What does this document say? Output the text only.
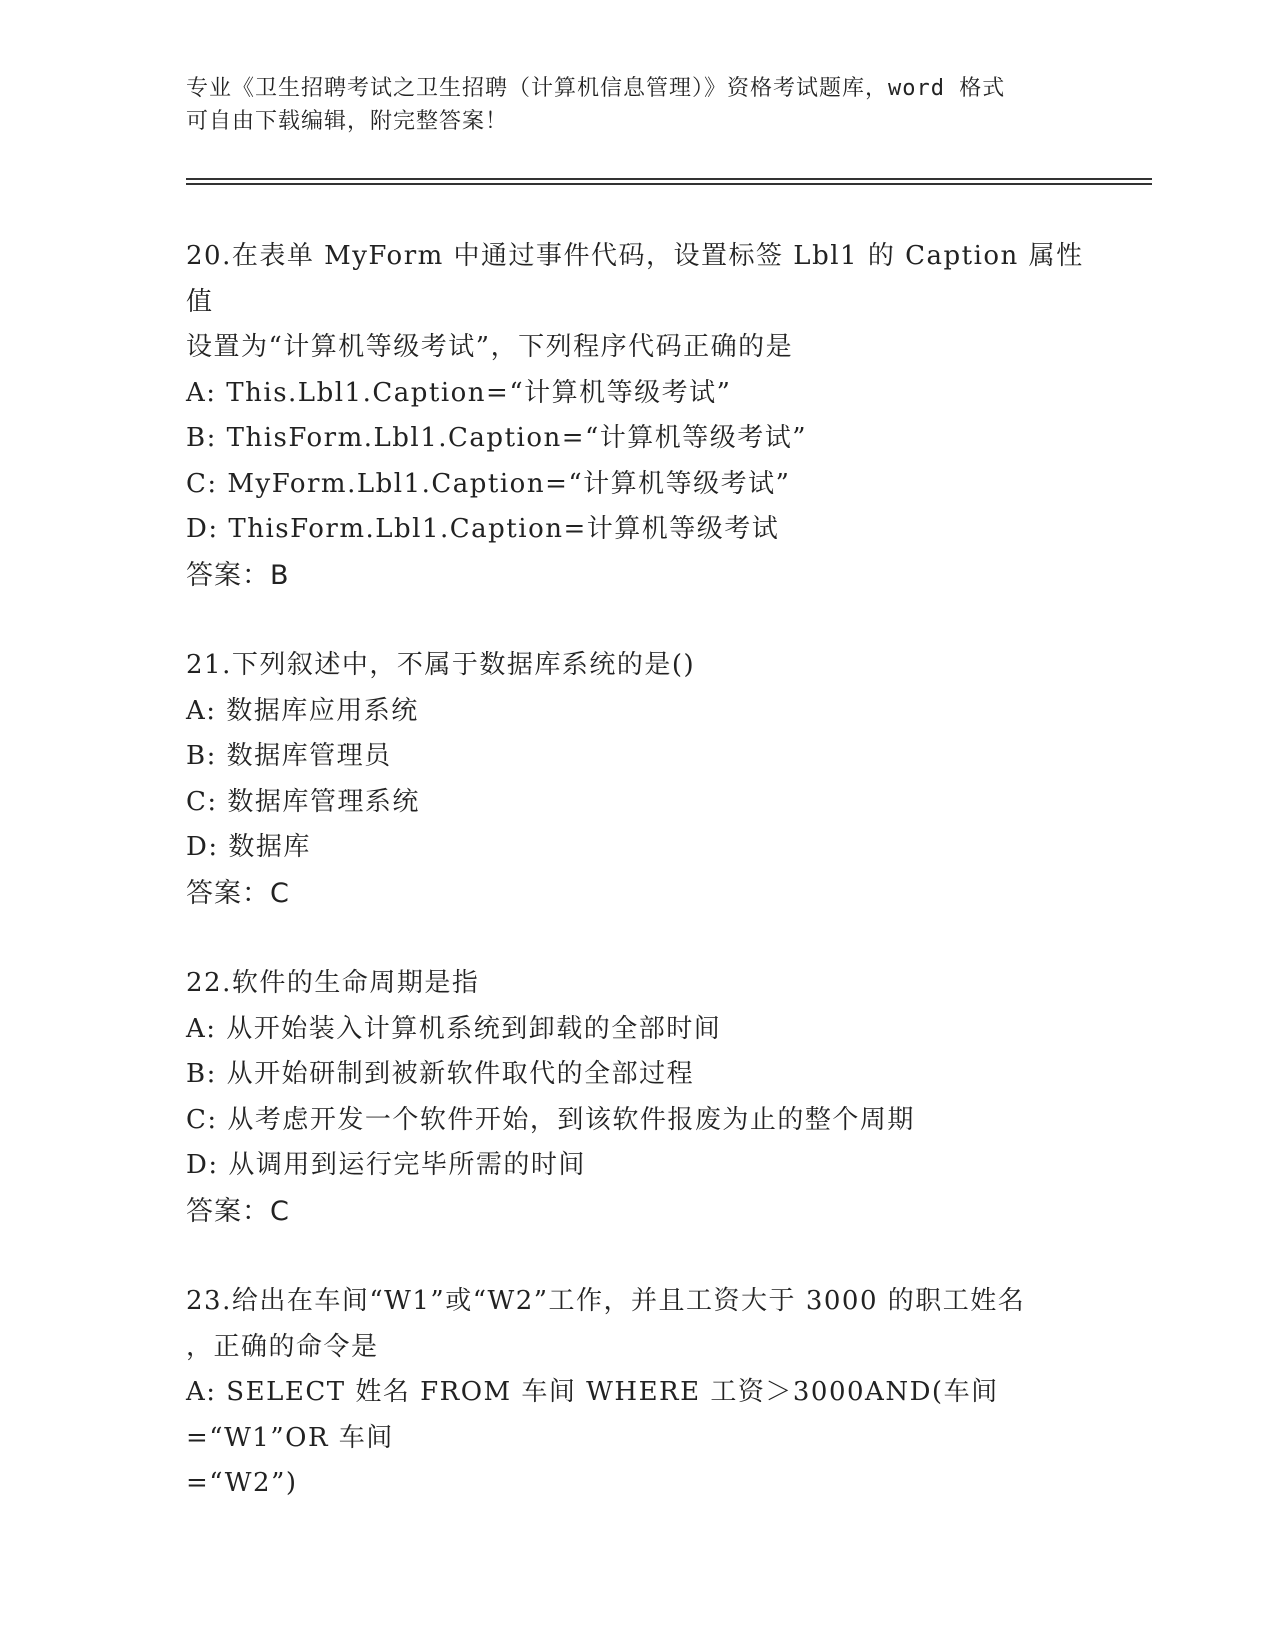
专业《卫生招聘考试之卫生招聘（计算机信息管理）》资格考试题库，word 格式
可自由下载编辑，附完整答案！
20.在表单 MyForm 中通过事件代码，设置标签 Lbl1 的 Caption 属性值
设置为“计算机等级考试”，下列程序代码正确的是
A: This.Lbl1.Caption=“计算机等级考试”
B: ThisForm.Lbl1.Caption=“计算机等级考试”
C: MyForm.Lbl1.Caption=“计算机等级考试”
D: ThisForm.Lbl1.Caption=计算机等级考试
答案：B
21.下列叙述中，不属于数据库系统的是()
A: 数据库应用系统
B: 数据库管理员
C: 数据库管理系统
D: 数据库
答案：C
22.软件的生命周期是指
A: 从开始装入计算机系统到卸载的全部时间
B: 从开始研制到被新软件取代的全部过程
C: 从考虑开发一个软件开始，到该软件报废为止的整个周期
D: 从调用到运行完毕所需的时间
答案：C
23.给出在车间“W1”或“W2”工作，并且工资大于 3000 的职工姓名
，正确的命令是
A: SELECT 姓名 FROM 车间 WHERE 工资＞3000AND(车间=“W1”OR 车间
=“W2”)
